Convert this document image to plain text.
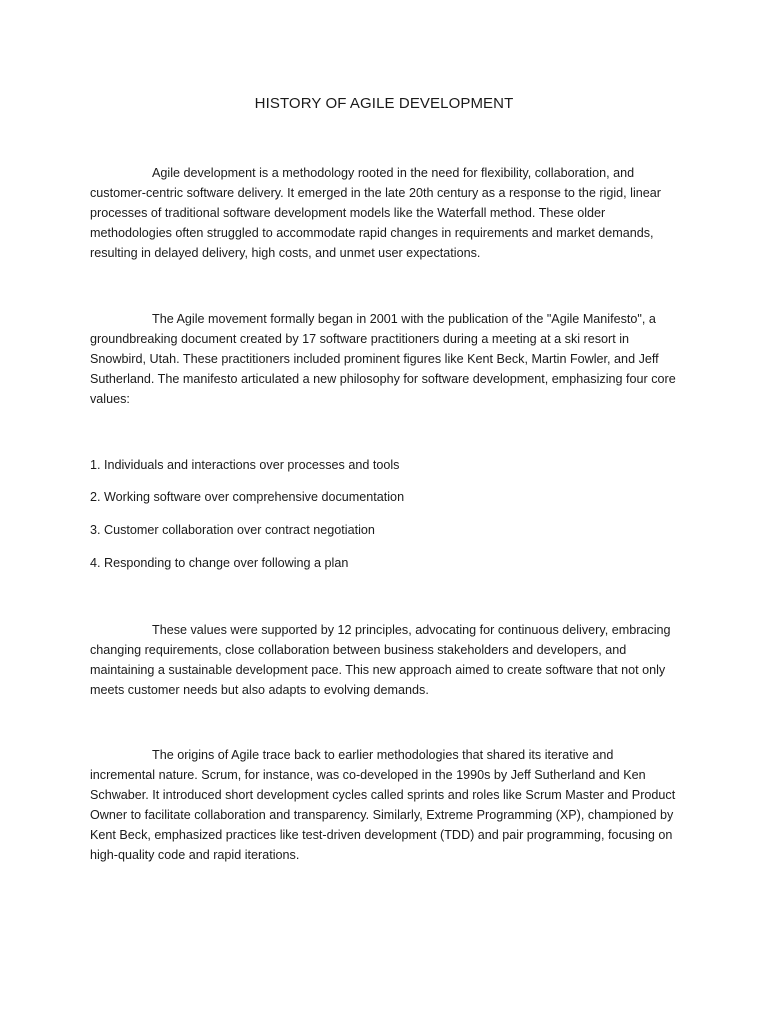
HISTORY OF AGILE DEVELOPMENT

Agile development is a methodology rooted in the need for flexibility, collaboration, and customer-centric software delivery. It emerged in the late 20th century as a response to the rigid, linear processes of traditional software development models like the Waterfall method. These older methodologies often struggled to accommodate rapid changes in requirements and market demands, resulting in delayed delivery, high costs, and unmet user expectations.

The Agile movement formally began in 2001 with the publication of the "Agile Manifesto", a groundbreaking document created by 17 software practitioners during a meeting at a ski resort in Snowbird, Utah. These practitioners included prominent figures like Kent Beck, Martin Fowler, and Jeff Sutherland. The manifesto articulated a new philosophy for software development, emphasizing four core values:

1. Individuals and interactions over processes and tools

2. Working software over comprehensive documentation

3. Customer collaboration over contract negotiation

4. Responding to change over following a plan

These values were supported by 12 principles, advocating for continuous delivery, embracing changing requirements, close collaboration between business stakeholders and developers, and maintaining a sustainable development pace. This new approach aimed to create software that not only meets customer needs but also adapts to evolving demands.

The origins of Agile trace back to earlier methodologies that shared its iterative and incremental nature. Scrum, for instance, was co-developed in the 1990s by Jeff Sutherland and Ken Schwaber. It introduced short development cycles called sprints and roles like Scrum Master and Product Owner to facilitate collaboration and transparency. Similarly, Extreme Programming (XP), championed by Kent Beck, emphasized practices like test-driven development (TDD) and pair programming, focusing on high-quality code and rapid iterations.
